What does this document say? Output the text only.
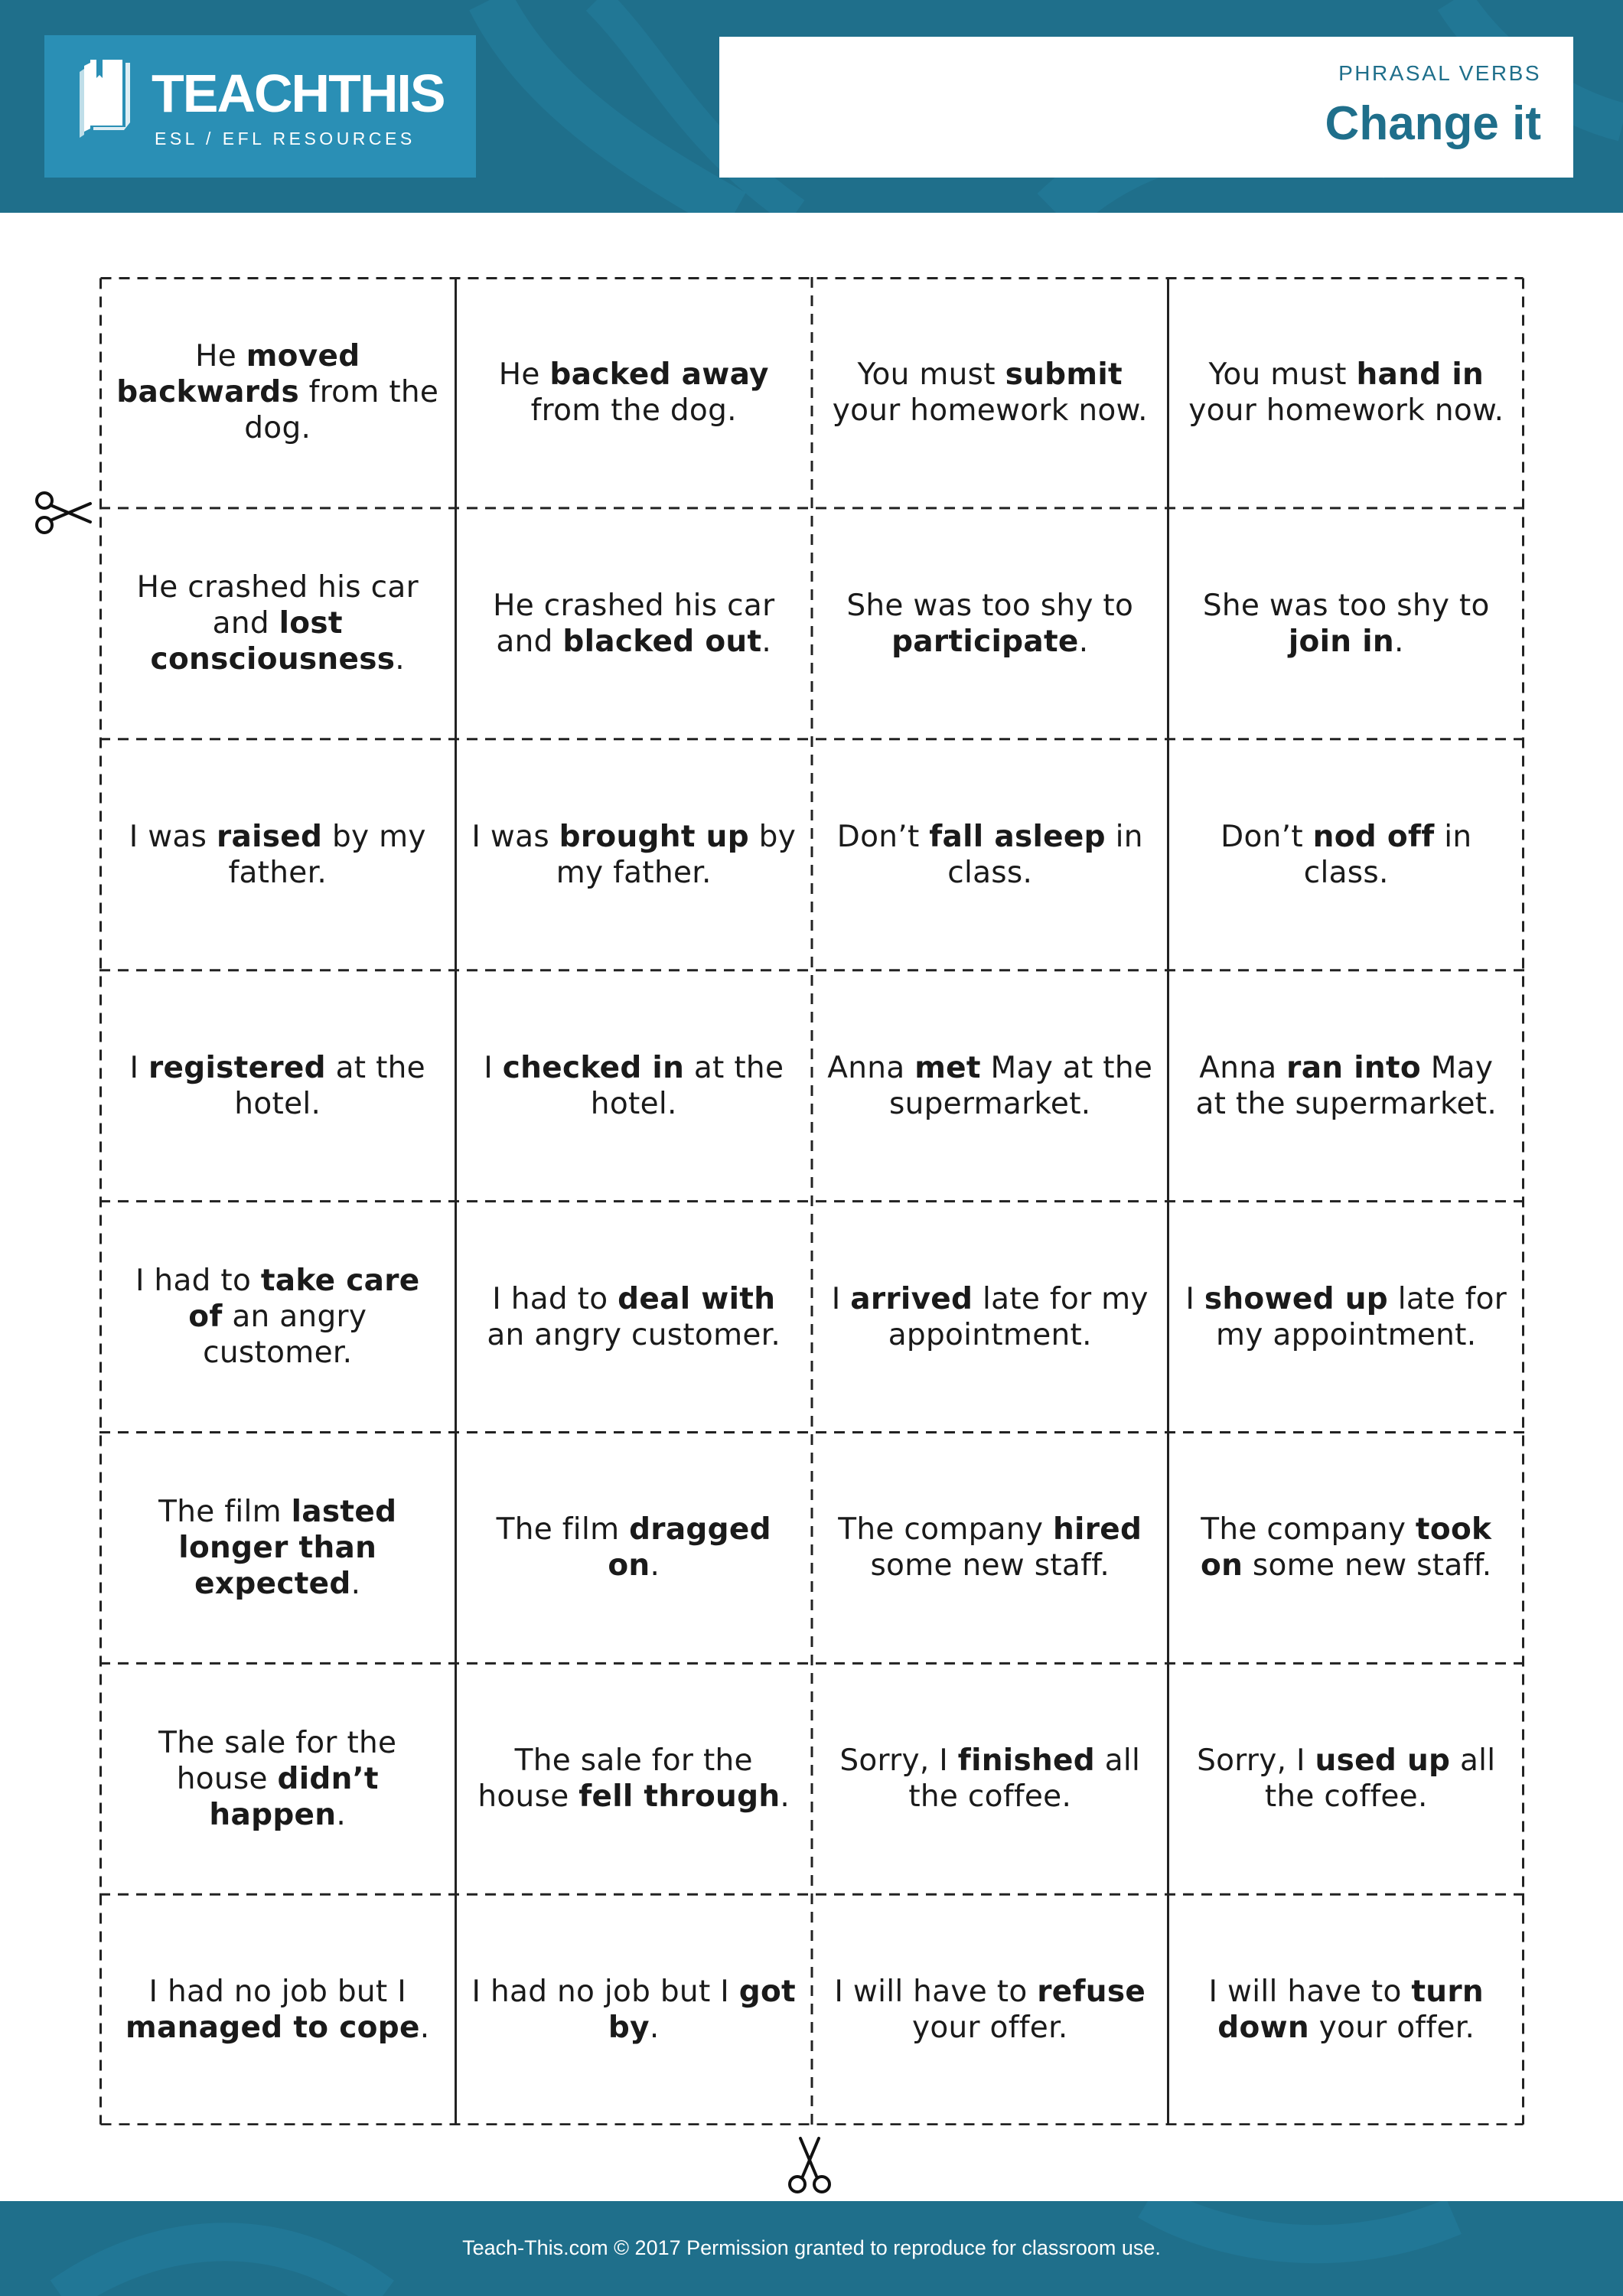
TEACHTHIS
ESL / EFL RESOURCES
PHRASAL VERBS
Change it
He moved backwards from the dog.
He backed away from the dog.
You must submit your homework now.
You must hand in your homework now.
He crashed his car and lost consciousness.
He crashed his car and blacked out.
She was too shy to participate.
She was too shy to join in.
I was raised by my father.
I was brought up by my father.
Don’t fall asleep in class.
Don’t nod off in class.
I registered at the hotel.
I checked in at the hotel.
Anna met May at the supermarket.
Anna ran into May at the supermarket.
I had to take care of an angry customer.
I had to deal with an angry customer.
I arrived late for my appointment.
I showed up late for my appointment.
The film lasted longer than expected.
The film dragged on.
The company hired some new staff.
The company took on some new staff.
The sale for the house didn’t happen.
The sale for the house fell through.
Sorry, I finished all the coffee.
Sorry, I used up all the coffee.
I had no job but I managed to cope.
I had no job but I got by.
I will have to refuse your offer.
I will have to turn down your offer.
Teach-This.com © 2017 Permission granted to reproduce for classroom use.
